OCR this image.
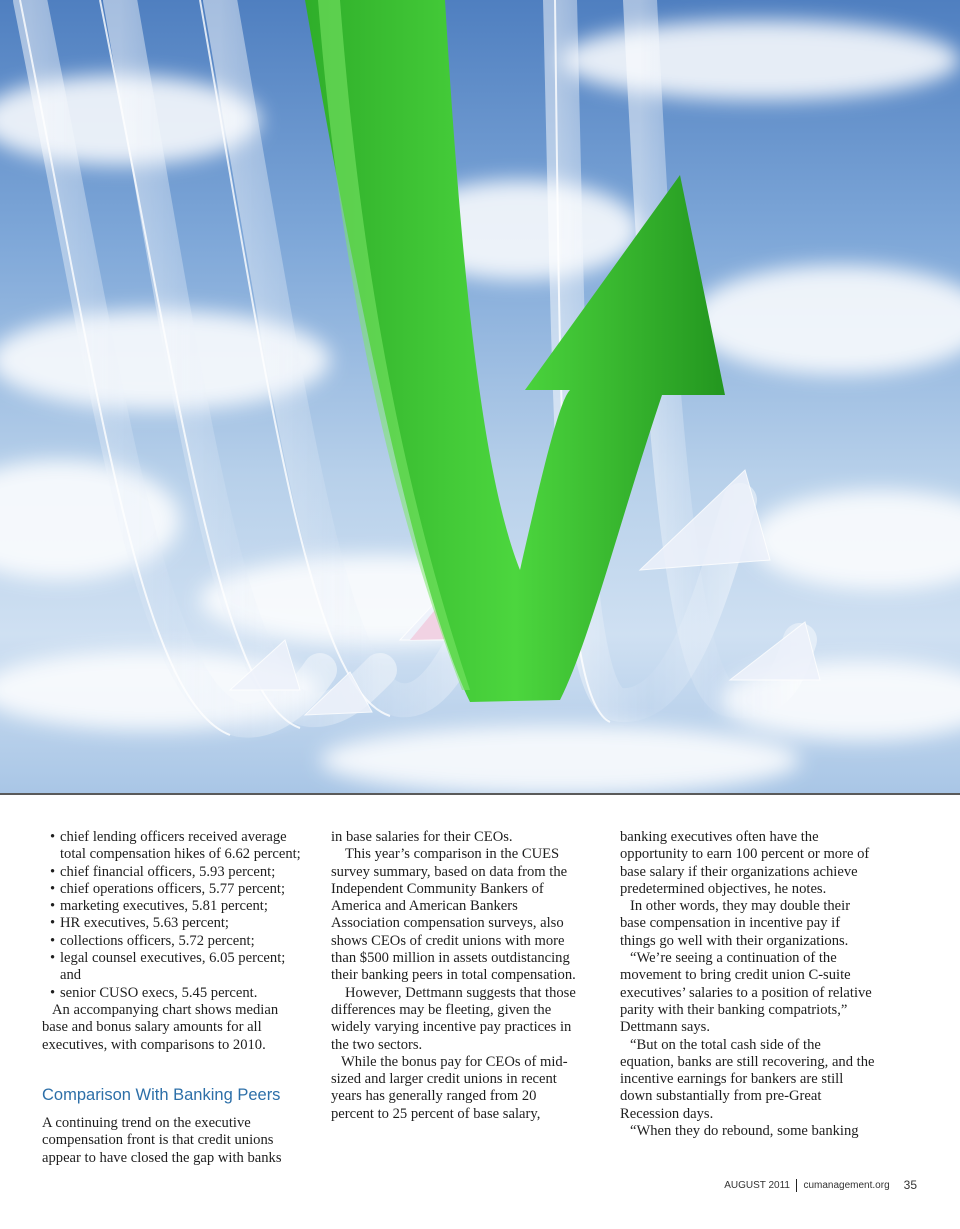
• chief lending officers received average
total compensation hikes of 6.62 percent;
• chief financial officers, 5.93 percent;
• chief operations officers, 5.77 percent;
• marketing executives, 5.81 percent;
• HR executives, 5.63 percent;
• collections officers, 5.72 percent;
• legal counsel executives, 6.05 percent; and
• senior CUSO execs, 5.45 percent.

An accompanying chart shows median base and bonus salary amounts for all executives, with comparisons to 2010.

Comparison With Banking Peers

A continuing trend on the executive compensation front is that credit unions appear to have closed the gap with banks

in base salaries for their CEOs.

This year’s comparison in the CUES survey summary, based on data from the Independent Community Bankers of America and American Bankers Association compensation surveys, also shows CEOs of credit unions with more than $500 million in assets outdistancing their banking peers in total compensation.

However, Dettmann suggests that those differences may be fleeting, given the widely varying incentive pay practices in the two sectors.

While the bonus pay for CEOs of mid-sized and larger credit unions in recent years has generally ranged from 20 percent to 25 percent of base salary,

banking executives often have the opportunity to earn 100 percent or more of base salary if their organizations achieve predetermined objectives, he notes.

In other words, they may double their base compensation in incentive pay if things go well with their organizations.

“We’re seeing a continuation of the movement to bring credit union C-suite executives’ salaries to a position of relative parity with their banking compatriots,” Dettmann says.

“But on the total cash side of the equation, banks are still recovering, and the incentive earnings for bankers are still down substantially from pre-Great Recession days.

“When they do rebound, some banking

AUGUST 2011 cumanagement.org 35
